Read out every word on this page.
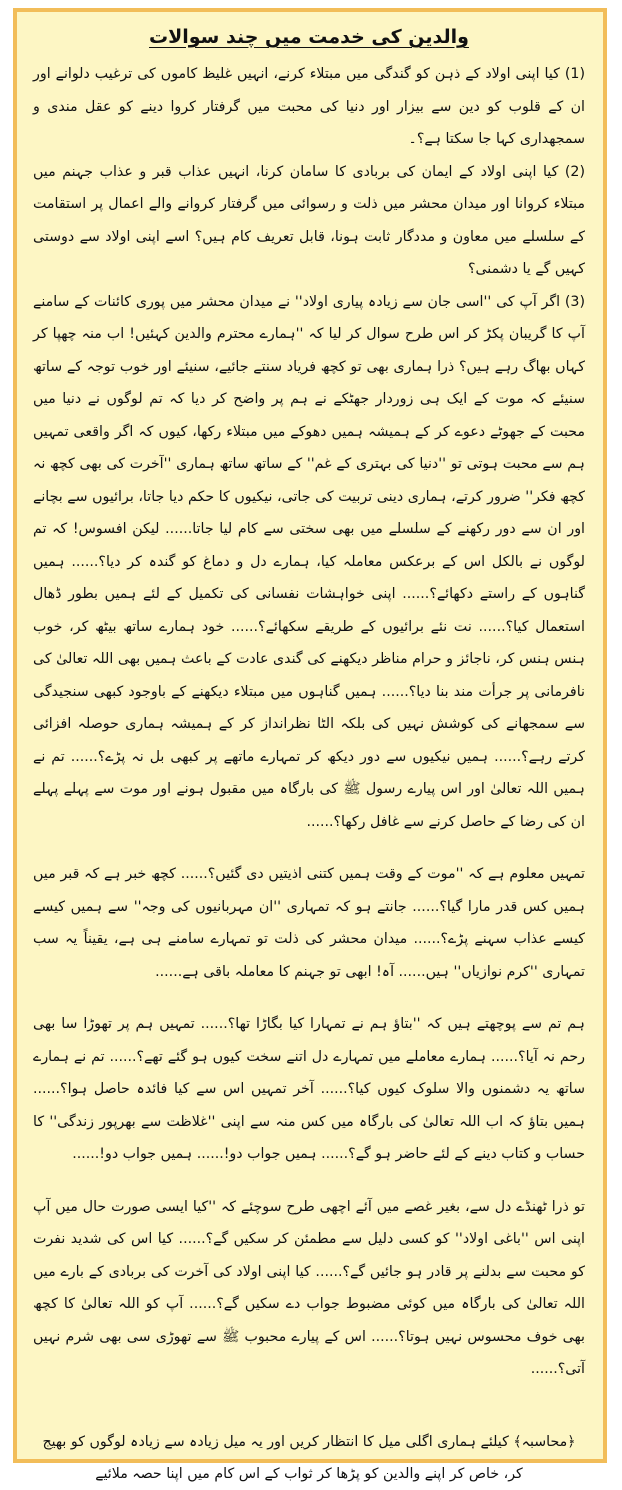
والدین کی خدمت میں چند سوالات

(1) کیا اپنی اولاد کے ذہن کو گندگی میں مبتلاء کرنے، انہیں غلیظ کاموں کی ترغیب دلوانے اور ان کے قلوب کو دین سے بیزار اور دنیا کی محبت میں گرفتار کروا دینے کو عقل مندی و سمجھداری کہا جا سکتا ہے؟۔

(2) کیا اپنی اولاد کے ایمان کی بربادی کا سامان کرنا، انہیں عذاب قبر و عذاب جہنم میں مبتلاء کروانا اور میدان محشر میں ذلت و رسوائی میں گرفتار کروانے والے اعمال پر استقامت کے سلسلے میں معاون و مددگار ثابت ہونا، قابل تعریف کام ہیں؟ اسے اپنی اولاد سے دوستی کہیں گے یا دشمنی؟

(3) اگر آپ کی ''اسی جان سے زیادہ پیاری اولاد'' نے میدان محشر میں پوری کائنات کے سامنے آپ کا گریبان پکڑ کر اس طرح سوال کر لیا کہ ''ہمارے محترم والدین کہئیں! اب منہ چھپا کر کہاں بھاگ رہے ہیں؟ ذرا ہماری بھی تو کچھ فریاد سنتے جائیے، سنیئے اور خوب توجہ کے ساتھ سنیئے کہ موت کے ایک ہی زوردار جھٹکے نے ہم پر واضح کر دیا کہ تم لوگوں نے دنیا میں محبت کے جھوٹے دعوے کر کے ہمیشہ ہمیں دھوکے میں مبتلاء رکھا، کیوں کہ اگر واقعی تمہیں ہم سے محبت ہوتی تو ''دنیا کی بہتری کے غم'' کے ساتھ ساتھ ہماری ''آخرت کی بھی کچھ نہ کچھ فکر'' ضرور کرتے، ہماری دینی تربیت کی جاتی، نیکیوں کا حکم دیا جاتا، برائیوں سے بچانے اور ان سے دور رکھنے کے سلسلے میں بھی سختی سے کام لیا جاتا...... لیکن افسوس! کہ تم لوگوں نے بالکل اس کے برعکس معاملہ کیا، ہمارے دل و دماغ کو گندہ کر دیا؟...... ہمیں گناہوں کے راستے دکھائے؟...... اپنی خواہشات نفسانی کی تکمیل کے لئے ہمیں بطور ڈھال استعمال کیا؟...... نت نئے برائیوں کے طریقے سکھائے؟...... خود ہمارے ساتھ بیٹھ کر، خوب ہنس ہنس کر، ناجائز و حرام مناظر دیکھنے کی گندی عادت کے باعث ہمیں بھی اللہ تعالیٰ کی نافرمانی پر جرأت مند بنا دیا؟...... ہمیں گناہوں میں مبتلاء دیکھنے کے باوجود کبھی سنجیدگی سے سمجھانے کی کوشش نہیں کی بلکہ الٹا نظرانداز کر کے ہمیشہ ہماری حوصلہ افزائی کرتے رہے؟...... ہمیں نیکیوں سے دور دیکھ کر تمہارے ماتھے پر کبھی بل نہ پڑے؟...... تم نے ہمیں اللہ تعالیٰ اور اس پیارے رسول ﷺ کی بارگاہ میں مقبول ہونے اور موت سے پہلے پہلے ان کی رضا کے حاصل کرنے سے غافل رکھا؟......

تمہیں معلوم ہے کہ ''موت کے وقت ہمیں کتنی اذیتیں دی گئیں؟...... کچھ خبر ہے کہ قبر میں ہمیں کس قدر مارا گیا؟...... جانتے ہو کہ تمہاری ''ان مہربانیوں کی وجہ'' سے ہمیں کیسے کیسے عذاب سہنے پڑے؟...... میدان محشر کی ذلت تو تمہارے سامنے ہی ہے، یقیناً یہ سب تمہاری ''کرم نوازیاں'' ہیں...... آہ! ابھی تو جہنم کا معاملہ باقی ہے......

ہم تم سے پوچھتے ہیں کہ ''بتاؤ ہم نے تمہارا کیا بگاڑا تھا؟...... تمہیں ہم پر تھوڑا سا بھی رحم نہ آیا؟...... ہمارے معاملے میں تمہارے دل اتنے سخت کیوں ہو گئے تھے؟...... تم نے ہمارے ساتھ یہ دشمنوں والا سلوک کیوں کیا؟...... آخر تمہیں اس سے کیا فائدہ حاصل ہوا؟...... ہمیں بتاؤ کہ اب اللہ تعالیٰ کی بارگاہ میں کس منہ سے اپنی ''غلاظت سے بھرپور زندگی'' کا حساب و کتاب دینے کے لئے حاضر ہو گے؟...... ہمیں جواب دو!...... ہمیں جواب دو!......

تو ذرا ٹھنڈے دل سے، بغیر غصے میں آئے اچھی طرح سوچئے کہ ''کیا ایسی صورت حال میں آپ اپنی اس ''باغی اولاد'' کو کسی دلیل سے مطمئن کر سکیں گے؟...... کیا اس کی شدید نفرت کو محبت سے بدلنے پر قادر ہو جائیں گے؟...... کیا اپنی اولاد کی آخرت کی بربادی کے بارے میں اللہ تعالیٰ کی بارگاہ میں کوئی مضبوط جواب دے سکیں گے؟...... آپ کو اللہ تعالیٰ کا کچھ بھی خوف محسوس نہیں ہوتا؟...... اس کے پیارے محبوب ﷺ سے تھوڑی سی بھی شرم نہیں آتی؟......

﴿محاسبہ﴾ کیلئے ہماری اگلی میل کا انتظار کریں اور یہ میل زیادہ سے زیادہ لوگوں کو بھیج کر، خاص کر اپنے والدین کو پڑھا کر ثواب کے اس کام میں اپنا حصہ ملائیے
